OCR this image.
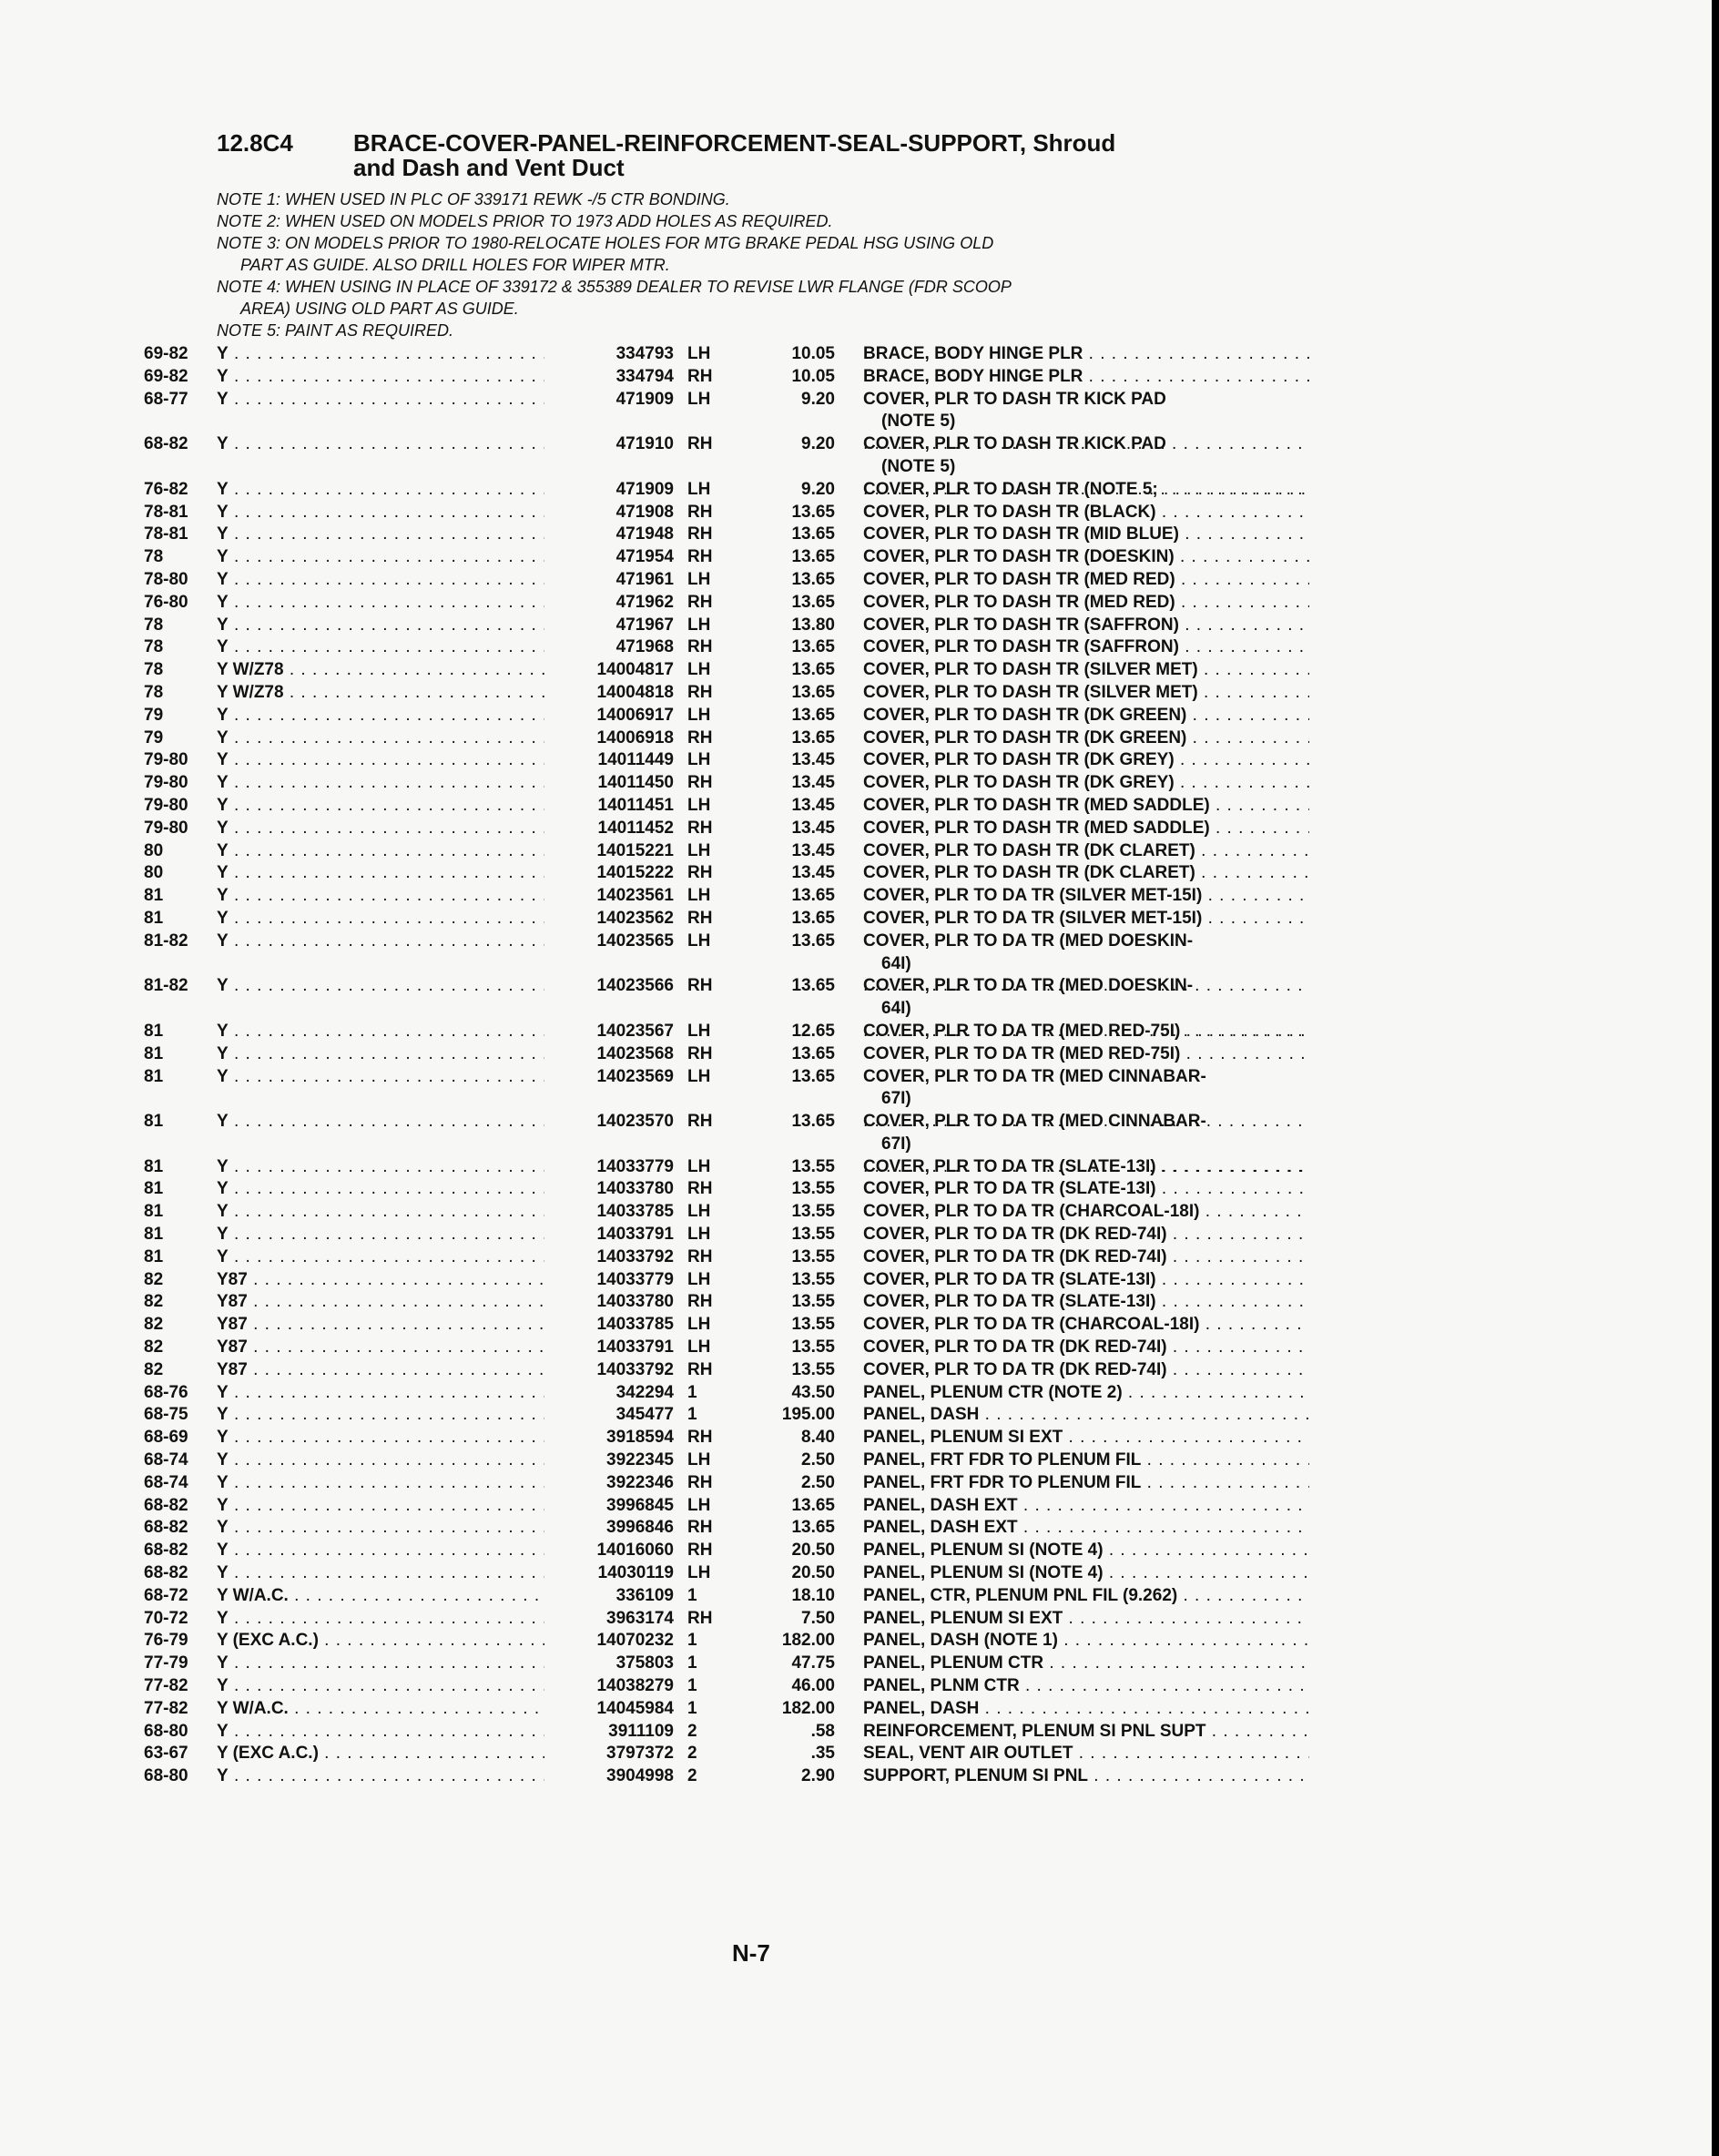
12.8C4	BRACE-COVER-PANEL-REINFORCEMENT-SEAL-SUPPORT, Shroud
and Dash and Vent Duct
NOTE 1: WHEN USED IN PLC OF 339171 REWK -/5 CTR BONDING.
NOTE 2: WHEN USED ON MODELS PRIOR TO 1973 ADD HOLES AS REQUIRED.
NOTE 3: ON MODELS PRIOR TO 1980-RELOCATE HOLES FOR MTG BRAKE PEDAL HSG USING OLD
PART AS GUIDE. ALSO DRILL HOLES FOR WIPER MTR.
NOTE 4: WHEN USING IN PLACE OF 339172 & 355389 DEALER TO REVISE LWR FLANGE (FDR SCOOP
AREA) USING OLD PART AS GUIDE.
NOTE 5: PAINT AS REQUIRED.
69-82 Y . . .	334793 LH	10.05 BRACE, BODY HINGE PLR . . .
69-82 Y . . .	334794 RH	10.05 BRACE, BODY HINGE PLR . . .
68-77 Y . . .	471909 LH	9.20 COVER, PLR TO DASH TR KICK PAD
(NOTE 5)
. . .
68-82 Y . . .	471910 RH	9.20 COVER, PLR TO DASH TR KICK PAD
(NOTE 5)
. . .
76-82 Y . . .	471909 LH	9.20 COVER, PLR TO DASH TR (NOTE 5; . . .
78-81 Y . . .	471908 RH	13.65 COVER, PLR TO DASH TR (BLACK) . . .
78-81 Y . . .	471948 RH	13.65 COVER, PLR TO DASH TR (MID BLUE) . . .
78	Y . . .	471954 RH	13.65 COVER, PLR TO DASH TR (DOESKIN) . . .
78-80 Y . . .	471961 LH	13.65 COVER, PLR TO DASH TR (MED RED) . . .
76-80 Y . . .	471962 RH	13.65 COVER, PLR TO DASH TR (MED RED) . . .
78	Y . . .	471967 LH	13.80 COVER, PLR TO DASH TR (SAFFRON) . . .
78	Y . . .	471968 RH	13.65 COVER, PLR TO DASH TR (SAFFRON) . . .
78	Y W/Z78 . . .	14004817 LH	13.65 COVER, PLR TO DASH TR (SILVER MET) . . .
78	Y W/Z78 . . .	14004818 RH	13.65 COVER, PLR TO DASH TR (SILVER MET) . . .
79	Y . . .	14006917 LH	13.65 COVER, PLR TO DASH TR (DK GREEN) . . .
79	Y . . .	14006918 RH	13.65 COVER, PLR TO DASH TR (DK GREEN) . . .
79-80 Y . . .	14011449 LH	13.45 COVER, PLR TO DASH TR (DK GREY) . . .
79-80 Y . . .	14011450 RH	13.45 COVER, PLR TO DASH TR (DK GREY) . . .
79-80 Y . . .	14011451 LH	13.45 COVER, PLR TO DASH TR (MED SADDLE) . . .
79-80 Y . . .	14011452 RH	13.45 COVER, PLR TO DASH TR (MED SADDLE) . . .
80	Y . . .	14015221 LH	13.45 COVER, PLR TO DASH TR (DK CLARET) . . .
80	Y . . .	14015222 RH	13.45 COVER, PLR TO DASH TR (DK CLARET) . . .
81	Y . . .	14023561 LH	13.65 COVER, PLR TO DA TR (SILVER MET-15I) . . .
81	Y . . .	14023562 RH	13.65 COVER, PLR TO DA TR (SILVER MET-15I) . . .
81-82 Y . . .	14023565 LH	13.65 COVER, PLR TO DA TR (MED DOESKIN-
64I)
. . .
81-82 Y . . .	14023566 RH	13.65 COVER, PLR TO DA TR (MED DOESKIN-
64I)
. . .
81	Y . . .	14023567 LH	12.65 COVER, PLR TO DA TR (MED RED-75I) . . .
81	Y . . .	14023568 RH	13.65 COVER, PLR TO DA TR (MED RED-75I) . . .
81	Y . . .	14023569 LH	13.65 COVER, PLR TO DA TR (MED CINNABAR-
67I)
. . .
81	Y . . .	14023570 RH	13.65 COVER, PLR TO DA TR (MED CINNABAR-
67I)
. . .
81	Y . . .	14033779 LH	13.55 COVER, PLR TO DA TR (SLATE-13I) . . .
81	Y . . .	14033780 RH	13.55 COVER, PLR TO DA TR (SLATE-13I) . . .
81	Y . . .	14033785 LH	13.55 COVER, PLR TO DA TR (CHARCOAL-18I) . . .
81	Y . . .	14033791 LH	13.55 COVER, PLR TO DA TR (DK RED-74I) . . .
81	Y . . .	14033792 RH	13.55 COVER, PLR TO DA TR (DK RED-74I) . . .
82	Y87 . . .	14033779 LH	13.55 COVER, PLR TO DA TR (SLATE-13I) . . .
82	Y87 . . .	14033780 RH	13.55 COVER, PLR TO DA TR (SLATE-13I) . . .
82	Y87 . . .	14033785 LH	13.55 COVER, PLR TO DA TR (CHARCOAL-18I) . . .
82	Y87 . . .	14033791 LH	13.55 COVER, PLR TO DA TR (DK RED-74I) . . .
82	Y87 . . .	14033792 RH	13.55 COVER, PLR TO DA TR (DK RED-74I) . . .
68-76 Y . . .	342294 1	43.50 PANEL, PLENUM CTR (NOTE 2) . . .
68-75 Y . . .	345477 1	195.00 PANEL, DASH . . .
68-69 Y . . .	3918594 RH	8.40 PANEL, PLENUM SI EXT . . .
68-74 Y . . .	3922345 LH	2.50 PANEL, FRT FDR TO PLENUM FIL . . .
68-74 Y . . .	3922346 RH	2.50 PANEL, FRT FDR TO PLENUM FIL . . .
68-82 Y . . .	3996845 LH	13.65 PANEL, DASH EXT . . .
68-82 Y . . .	3996846 RH	13.65 PANEL, DASH EXT . . .
68-82 Y . . .	14016060 RH	20.50 PANEL, PLENUM SI (NOTE 4) . . .
68-82 Y . . .	14030119 LH	20.50 PANEL, PLENUM SI (NOTE 4) . . .
68-72 Y W/A.C. . . .	336109 1	18.10 PANEL, CTR, PLENUM PNL FIL (9.262) . . .
70-72 Y . . .	3963174 RH	7.50 PANEL, PLENUM SI EXT . . .
76-79 Y (EXC A.C.) . . .	14070232 1	182.00 PANEL, DASH (NOTE 1) . . .
77-79 Y . . .	375803 1	47.75 PANEL, PLENUM CTR . . .
77-82 Y . . .	14038279 1	46.00 PANEL, PLNM CTR . . .
77-82 Y W/A.C. . . .	14045984 1	182.00 PANEL, DASH . . .
68-80 Y . . .	3911109 2	.58 REINFORCEMENT, PLENUM SI PNL SUPT . . .
63-67 Y (EXC A.C.) . . .	3797372 2	.35 SEAL, VENT AIR OUTLET . . .
68-80 Y . . .	3904998 2	2.90 SUPPORT, PLENUM SI PNL . . .
N-7
